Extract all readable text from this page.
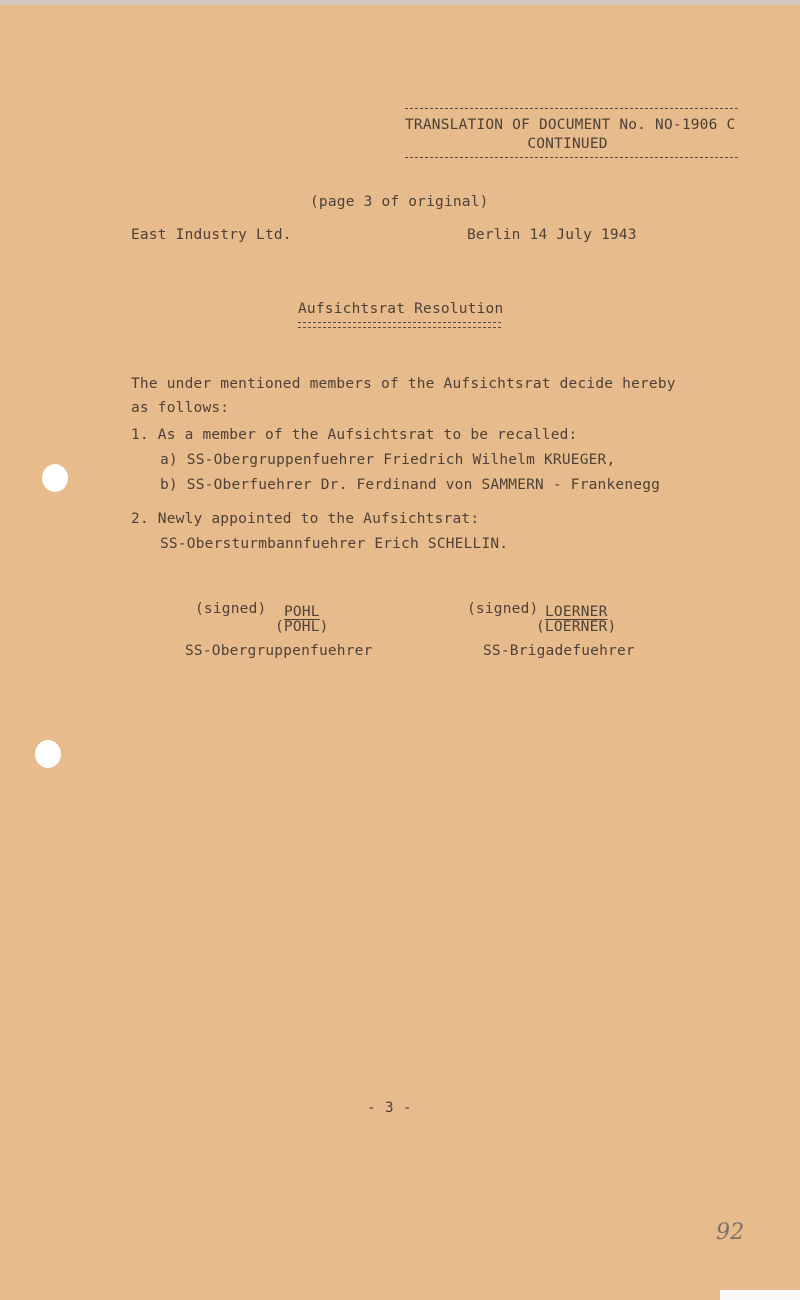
TRANSLATION OF DOCUMENT No. NO-1906 C
CONTINUED
(page 3 of original)
East Industry Ltd.	Berlin 14 July 1943
Aufsichtsrat Resolution
The under mentioned members of the Aufsichtsrat decide hereby
as follows:
1. As a member of the Aufsichtsrat to be recalled:
a) SS-Obergruppenfuehrer Friedrich Wilhelm KRUEGER,
b) SS-Oberfuehrer Dr. Ferdinand von SAMMERN - Frankenegg
2. Newly appointed to the Aufsichtsrat:
SS-Obersturmbannfuehrer Erich SCHELLIN.
(signed) POHL
(POHL)
SS-Obergruppenfuehrer
(signed) LOERNER
(LOERNER)
SS-Brigadefuehrer
- 3 -
92
